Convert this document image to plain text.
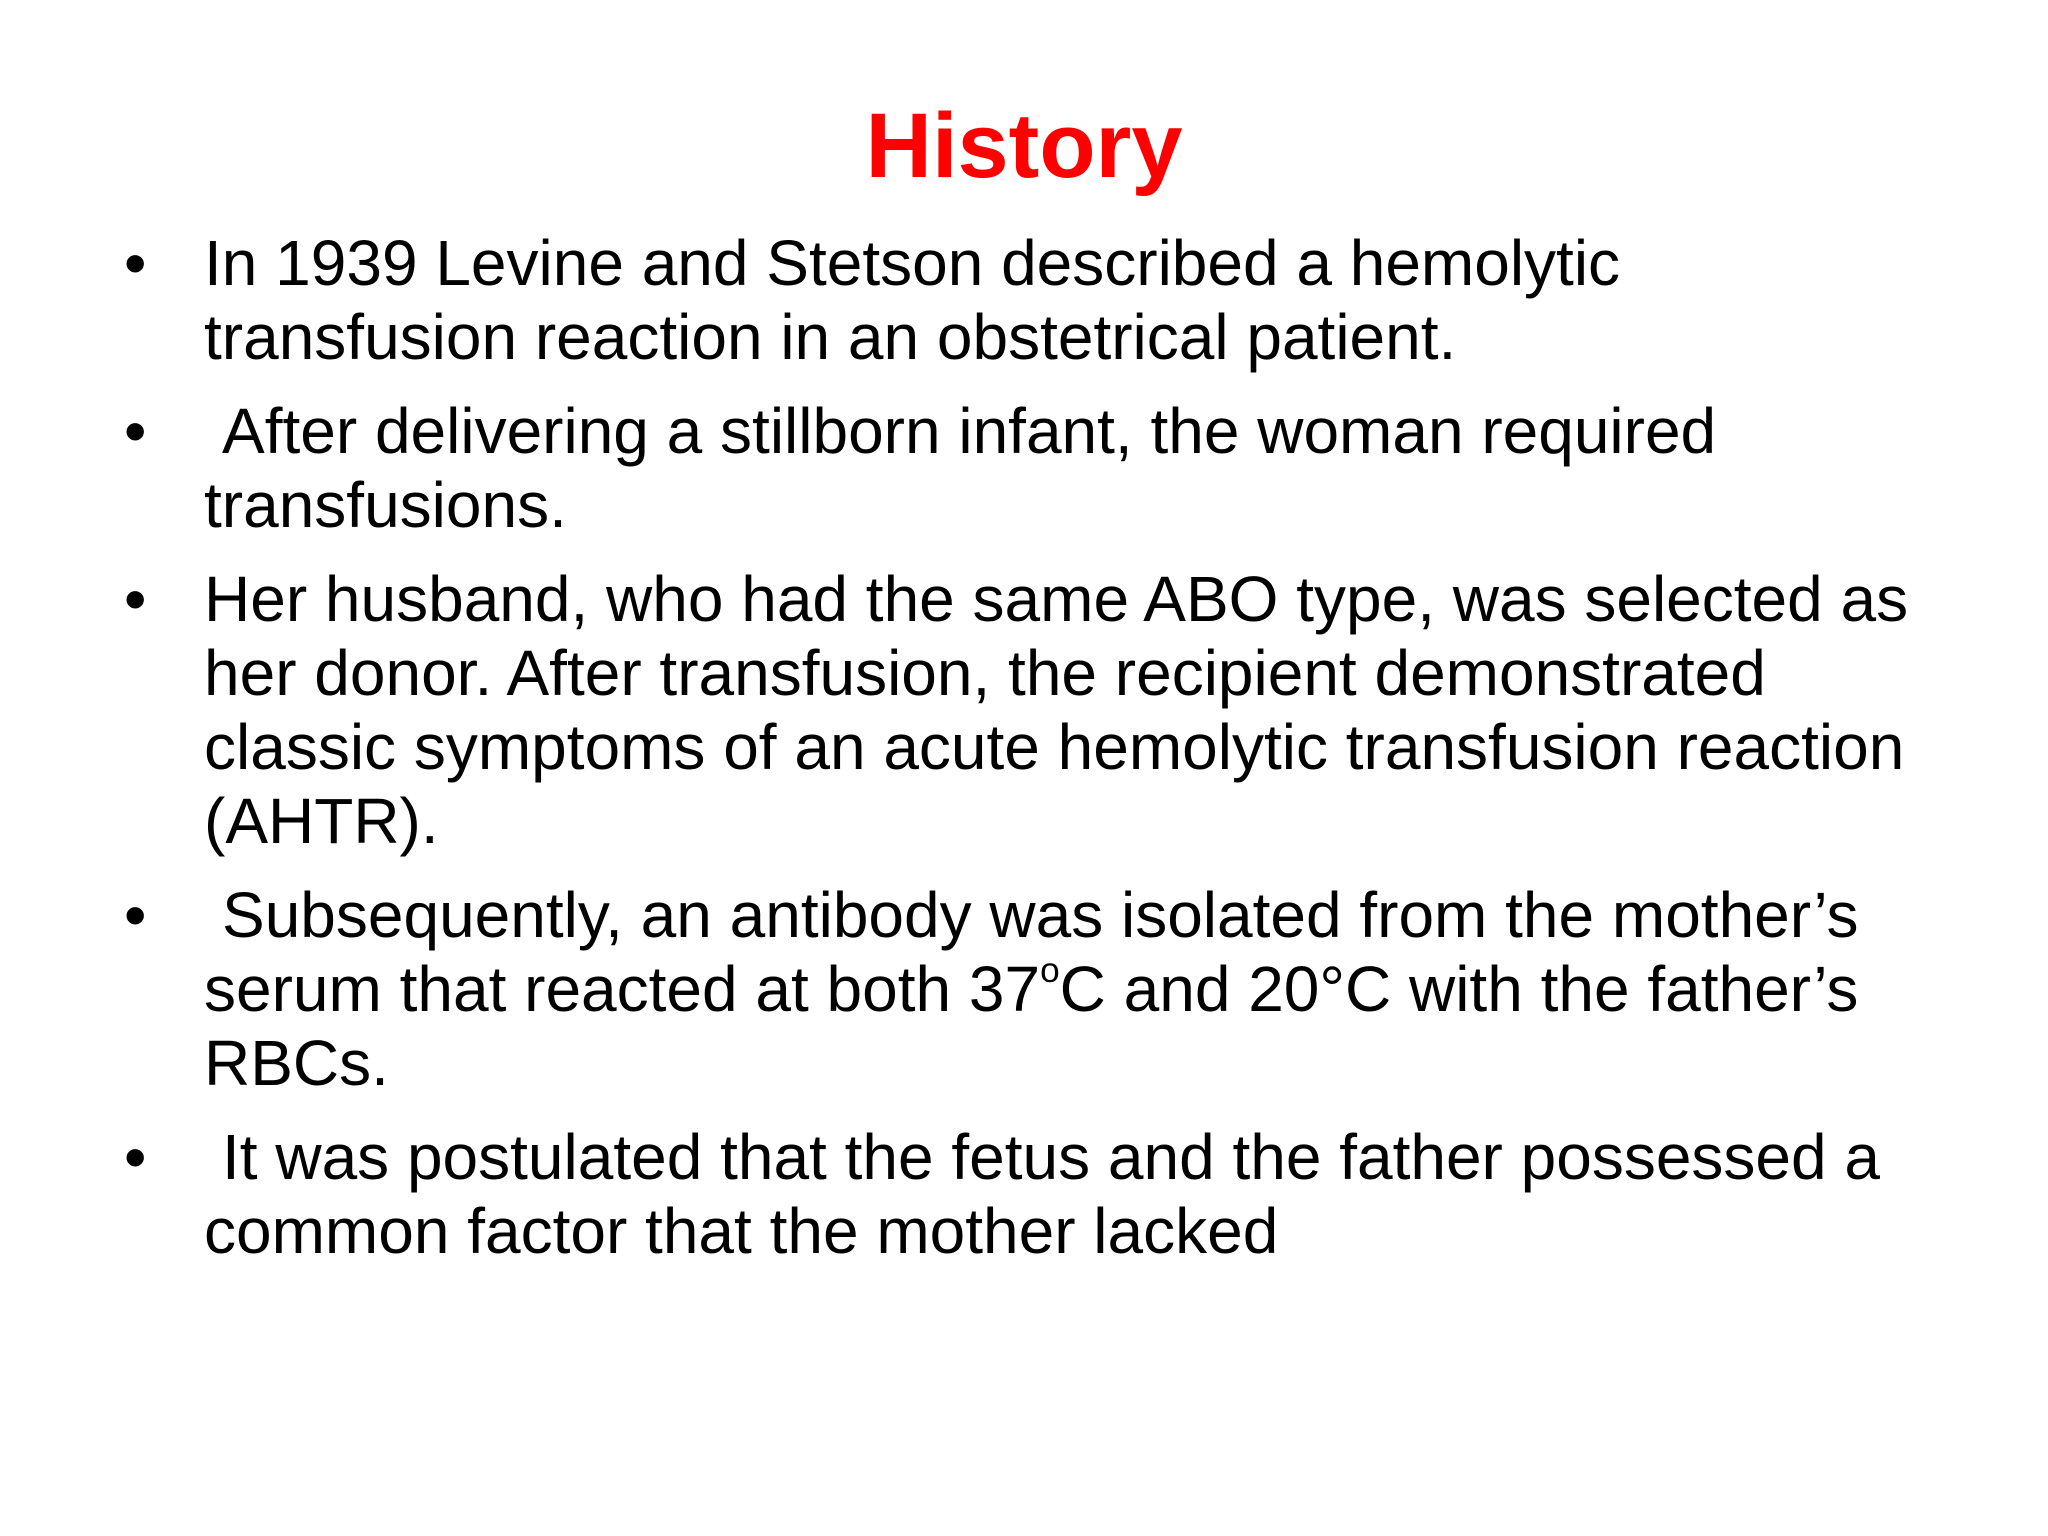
History
• In 1939 Levine and Stetson described a hemolytic transfusion reaction in an obstetrical patient.
• After delivering a stillborn infant, the woman required transfusions.
• Her husband, who had the same ABO type, was selected as her donor. After transfusion, the recipient demonstrated classic symptoms of an acute hemolytic transfusion reaction (AHTR).
• Subsequently, an antibody was isolated from the mother’s serum that reacted at both 37$^o$C and 20°C with the father’s RBCs.
• It was postulated that the fetus and the father possessed a common factor that the mother lacked
